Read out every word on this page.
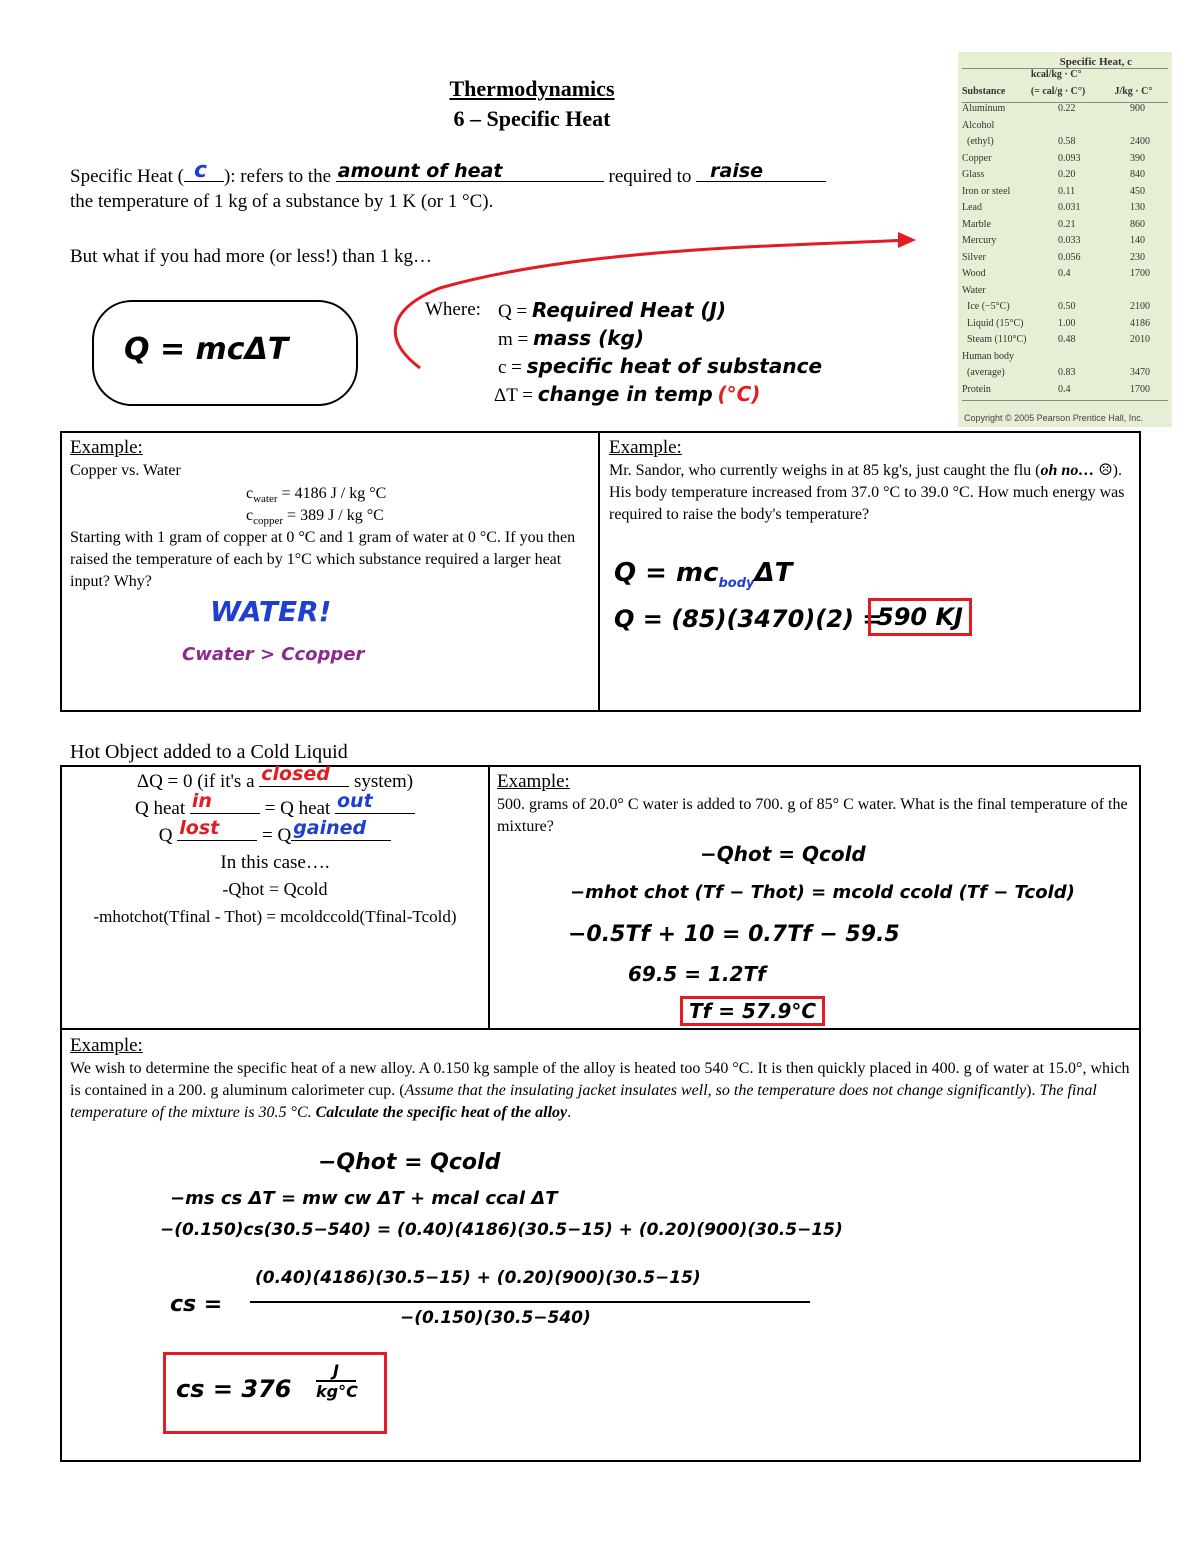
Thermodynamics
6 – Specific Heat
Specific Heat ( c ): refers to the amount of heat	required to raise
the temperature of 1 kg of a substance by 1 K (or 1 °C).
But what if you had more (or less!) than 1 kg…
Q = mcΔT
Where: Q = Required Heat (J)
m = mass (kg)
c = specific heat of substance
ΔT = change in temp (°C)
Specific Heat, c
	kcal/kg · C°	
Substance	(= cal/g · C°)	J/kg · C°
Aluminum	0.22	900
Alcohol		
(ethyl)	0.58	2400
Copper	0.093	390
Glass	0.20	840
Iron or steel	0.11	450
Lead	0.031	130
Marble	0.21	860
Mercury	0.033	140
Silver	0.056	230
Wood	0.4	1700
Water		
Ice (−5°C)	0.50	2100
Liquid (15°C)	1.00	4186
Steam (110°C)	0.48	2010
Human body		
(average)	0.83	3470
Protein	0.4	1700
Copyright © 2005 Pearson Prentice Hall, Inc.
Example:
Copper vs. Water
$c_{water} = 4186$ J / kg °C
$c_{copper} = 389$ J / kg °C
Starting with 1 gram of copper at 0 °C and 1 gram of water at 0 °C. If you then raised the temperature of each by 1°C which substance required a larger heat input? Why?
WATER!
Cwater > Ccopper
Example:
Mr. Sandor, who currently weighs in at 85 kg's, just caught the flu (oh no… ☹). His body temperature increased from 37.0 °C to 39.0 °C. How much energy was required to raise the body's temperature?
$Q = mc_{body}\Delta T$
Q = (85)(3470)(2) =
590 KJ
Hot Object added to a Cold Liquid
ΔQ = 0 (if it's a closed system)
Q heat in	= Q heat out
Q lost = Q gained
In this case….
-Qhot = Qcold
-mhotchot(Tfinal - Thot) = mcoldccold(Tfinal-Tcold)
Example:
500. grams of 20.0° C water is added to 700. g of 85° C water. What is the final temperature of the mixture?
−Qhot = Qcold
−mhot chot (Tf − Thot) = mcold ccold (Tf − Tcold)
−0.5Tf + 10 = 0.7Tf − 59.5
69.5 = 1.2Tf
Tf = 57.9°C
Example:
We wish to determine the specific heat of a new alloy. A 0.150 kg sample of the alloy is heated too 540 °C. It is then quickly placed in 400. g of water at 15.0°, which is contained in a 200. g aluminum calorimeter cup. (Assume that the insulating jacket insulates well, so the temperature does not change significantly). The final temperature of the mixture is 30.5 °C. Calculate the specific heat of the alloy.
−Qhot = Qcold
−ms cs ΔT = mw cw ΔT + mcal ccal ΔT
−(0.150)cs(30.5−540) = (0.40)(4186)(30.5−15) + (0.20)(900)(30.5−15)
cs =
(0.40)(4186)(30.5−15) + (0.20)(900)(30.5−15)
−(0.150)(30.5−540)
cs = 376
J
kg°C
